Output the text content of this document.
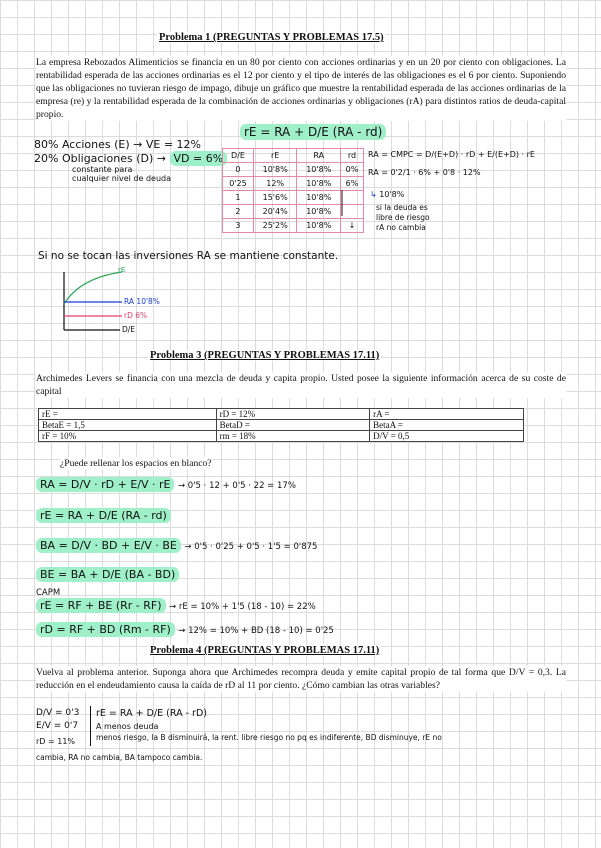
Problema 1 (PREGUNTAS Y PROBLEMAS 17.5)
La empresa Rebozados Alimenticios se financia en un 80 por ciento con acciones ordinarias y en un 20 por ciento con obligaciones. La rentabilidad esperada de las acciones ordinarias es el 12 por ciento y el tipo de interés de las obligaciones es el 6 por ciento. Suponiendo que las obligaciones no tuvieran riesgo de impago, dibuje un gráfico que muestre la rentabilidad esperada de las acciones ordinarias de la empresa (re) y la rentabilidad esperada de la combinación de acciones ordinarias y obligaciones (rA) para distintos ratios de deuda-capital propio.
rE = RA + D/E (RA - rd)
80% Acciones (E) → VE = 12%
20% Obligaciones (D) → VD = 6%
constante para
cualquier nivel de deuda
D/E	rE	RA	rd
0	10'8%	10'8%	0%
0'25	12%	10'8%	6%
1	15'6%	10'8%	
2	20'4%	10'8%	
3	25'2%	10'8%	↓
RA = CMPC = D/(E+D) · rD + E/(E+D) · rE
RA = 0'2/1 · 6% + 0'8 · 12%
↳ 10'8%
si la deuda es
libre de riesgo
rA no cambia
Si no se tocan las inversiones RA se mantiene constante.
rE
RA 10'8%
rD 6%
D/E
Problema 3 (PREGUNTAS Y PROBLEMAS 17.11)
Archimedes Levers se financia con una mezcla de deuda y capita propio. Usted posee la siguiente información acerca de su coste de capital
rE =	rD = 12%	rA =
BetaE = 1,5	BetaD =	BetaA =
rF = 10%	rm = 18%	D/V = 0,5
¿Puede rellenar los espacios en blanco?
RA = D/V · rD + E/V · rE → 0'5 · 12 + 0'5 · 22 = 17%
rE = RA + D/E (RA - rd)
BA = D/V · BD + E/V · BE → 0'5 · 0'25 + 0'5 · 1'5 = 0'875
BE = BA + D/E (BA - BD)
CAPM
rE = RF + BE (Rr - RF) → rE = 10% + 1'5 (18 - 10) = 22%
rD = RF + BD (Rm - RF) → 12% = 10% + BD (18 - 10) = 0'25
Problema 4 (PREGUNTAS Y PROBLEMAS 17.11)
Vuelva al problema anterior. Suponga ahora que Archimedes recompra deuda y emite capital propio de tal forma que D/V = 0,3. La reducción en el endeudamiento causa la caída de rD al 11 por ciento. ¿Cómo cambian las otras variables?
D/V = 0'3
E/V = 0'7
rD = 11%
rE = RA + D/E (RA - rD)
A menos deuda
menos riesgo, la B disminuirá, la rent. libre riesgo no pq es indiferente, BD disminuye, rE no
cambia, RA no cambia, BA tampoco cambia.
